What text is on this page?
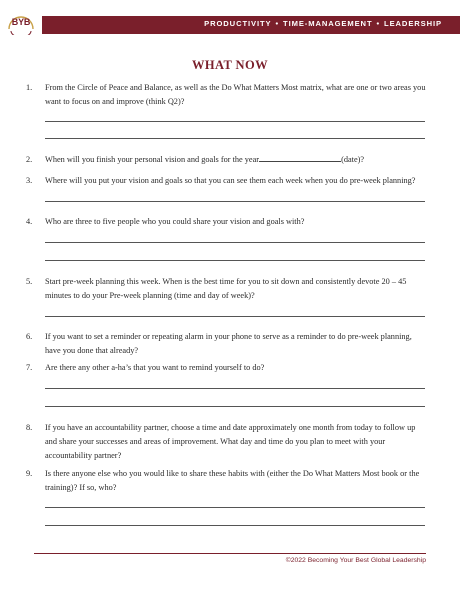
BYB	PRODUCTIVITY • TIME-MANAGEMENT • LEADERSHIP
WHAT NOW
1. From the Circle of Peace and Balance, as well as the Do What Matters Most matrix, what are one or two areas you want to focus on and improve (think Q2)?
2. When will you finish your personal vision and goals for the year	(date)?
3. Where will you put your vision and goals so that you can see them each week when you do pre-week planning?
4. Who are three to five people who you could share your vision and goals with?
5. Start pre-week planning this week. When is the best time for you to sit down and consistently devote 20 – 45 minutes to do your Pre-week planning (time and day of week)?
6. If you want to set a reminder or repeating alarm in your phone to serve as a reminder to do pre-week planning, have you done that already?
7. Are there any other a-ha’s that you want to remind yourself to do?
8. If you have an accountability partner, choose a time and date approximately one month from today to follow up and share your successes and areas of improvement. What day and time do you plan to meet with your accountability partner?
9. Is there anyone else who you would like to share these habits with (either the Do What Matters Most book or the training)? If so, who?
©2022 Becoming Your Best Global Leadership
